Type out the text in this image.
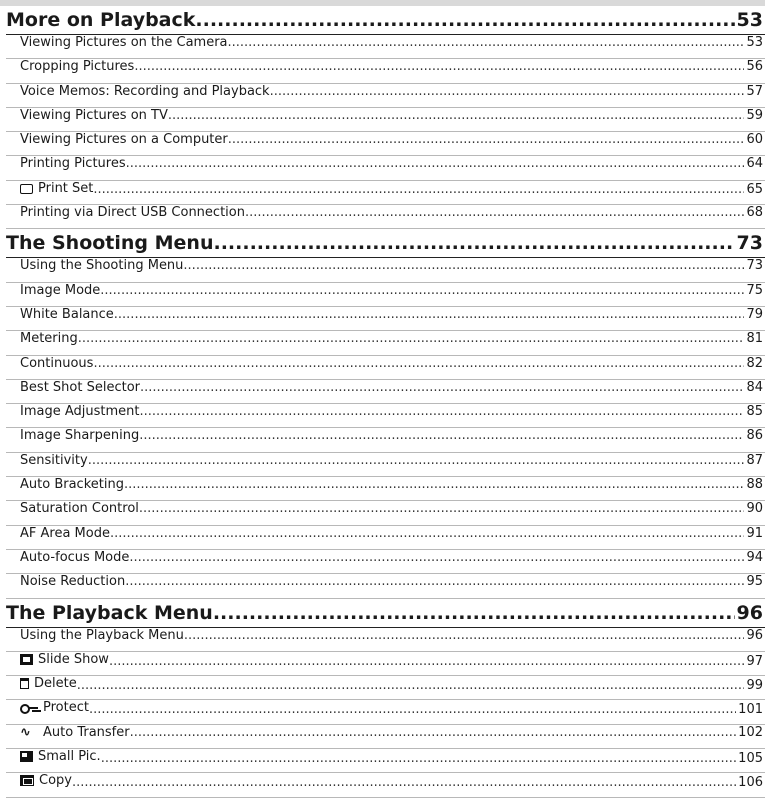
More on Playback .....	53
Viewing Pictures on the Camera .....	53
Cropping Pictures .....	56
Voice Memos: Recording and Playback .....	57
Viewing Pictures on TV .....	59
Viewing Pictures on a Computer .....	60
Printing Pictures .....	64
Print Set .....	65
Printing via Direct USB Connection .....	68
The Shooting Menu .....	73
Using the Shooting Menu .....	73
Image Mode .....	75
White Balance .....	79
Metering .....	81
Continuous .....	82
Best Shot Selector .....	84
Image Adjustment .....	85
Image Sharpening .....	86
Sensitivity .....	87
Auto Bracketing .....	88
Saturation Control .....	90
AF Area Mode .....	91
Auto-focus Mode .....	94
Noise Reduction .....	95
The Playback Menu .....	96
Using the Playback Menu .....	96
Slide Show .....	97
Delete .....	99
Protect .....	101
∿ Auto Transfer .....	102
Small Pic. .....	105
Copy .....	106
